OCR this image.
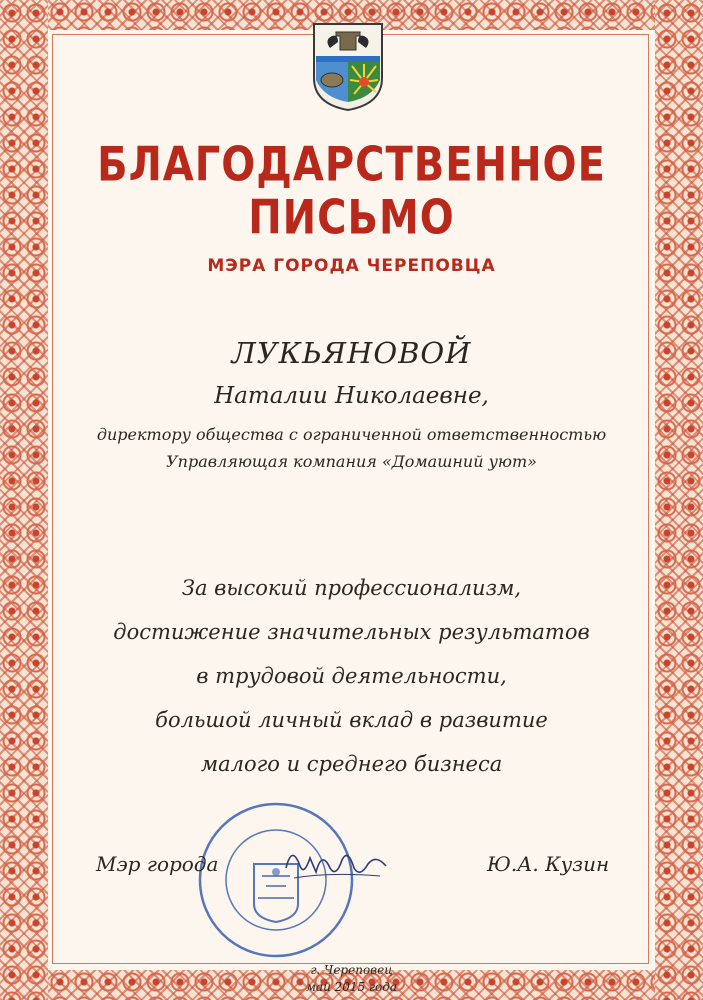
БЛАГОДАРСТВЕННОЕ
ПИСЬМО
МЭРА ГОРОДА ЧЕРЕПОВЦА
ЛУКЬЯНОВОЙ
Наталии Николаевне,
директору общества с ограниченной ответственностью
Управляющая компания «Домашний уют»
За высокий профессионализм,
достижение значительных результатов
в трудовой деятельности,
большой личный вклад в развитие
малого и среднего бизнеса
Мэр города	Ю.А. Кузин
г. Череповец
май 2015 года
